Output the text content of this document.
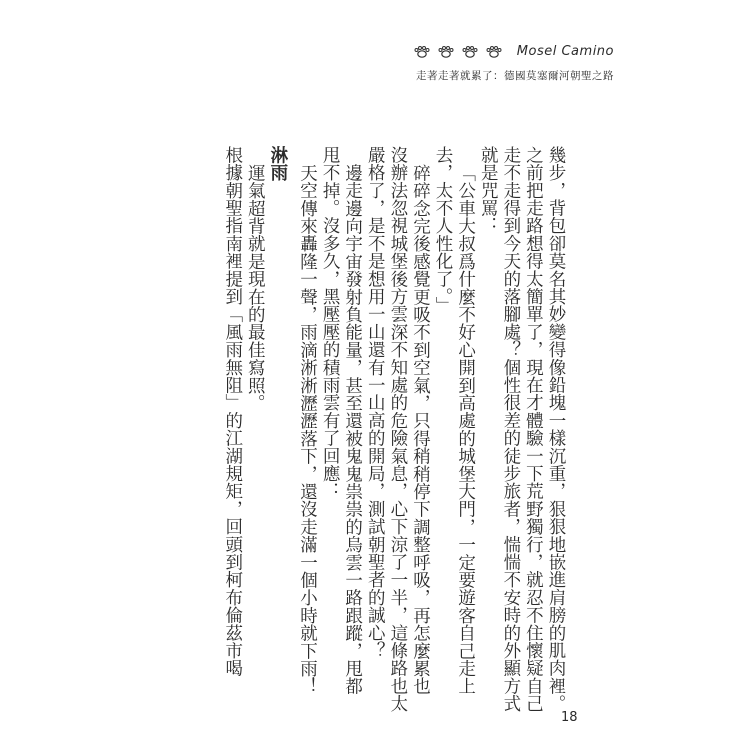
Mosel Camino
走著走著就累了：德國莫塞爾河朝聖之路
幾步，背包卻莫名其妙變得像鉛塊一樣沉重，狠狠地嵌進肩膀的肌肉裡。
之前把走路想得太簡單了，現在才體驗一下荒野獨行，就忍不住懷疑自己
走不走得到今天的落腳處？個性很差的徒步旅者，惴惴不安時的外顯方式
就是咒罵：
「公車大叔爲什麼不好心開到高處的城堡大門，一定要遊客自己走上
去，太不人性化了。」
碎碎念完後感覺更吸不到空氣，只得稍稍停下調整呼吸，再怎麼累也
沒辦法忽視城堡後方雲深不知處的危險氣息，心下涼了一半，這條路也太
嚴格了，是不是想用一山還有一山高的開局，測試朝聖者的誠心？
邊走邊向宇宙發射負能量，甚至還被鬼鬼祟祟的烏雲一路跟蹤，甩都
甩不掉。沒多久，黑壓壓的積雨雲有了回應：
天空傳來轟隆一聲，雨滴淅淅瀝瀝落下，還沒走滿一個小時就下雨！
淋雨
運氣超背就是現在的最佳寫照。
根據朝聖指南裡提到「風雨無阻」的江湖規矩，回頭到柯布倫茲市喝
18
